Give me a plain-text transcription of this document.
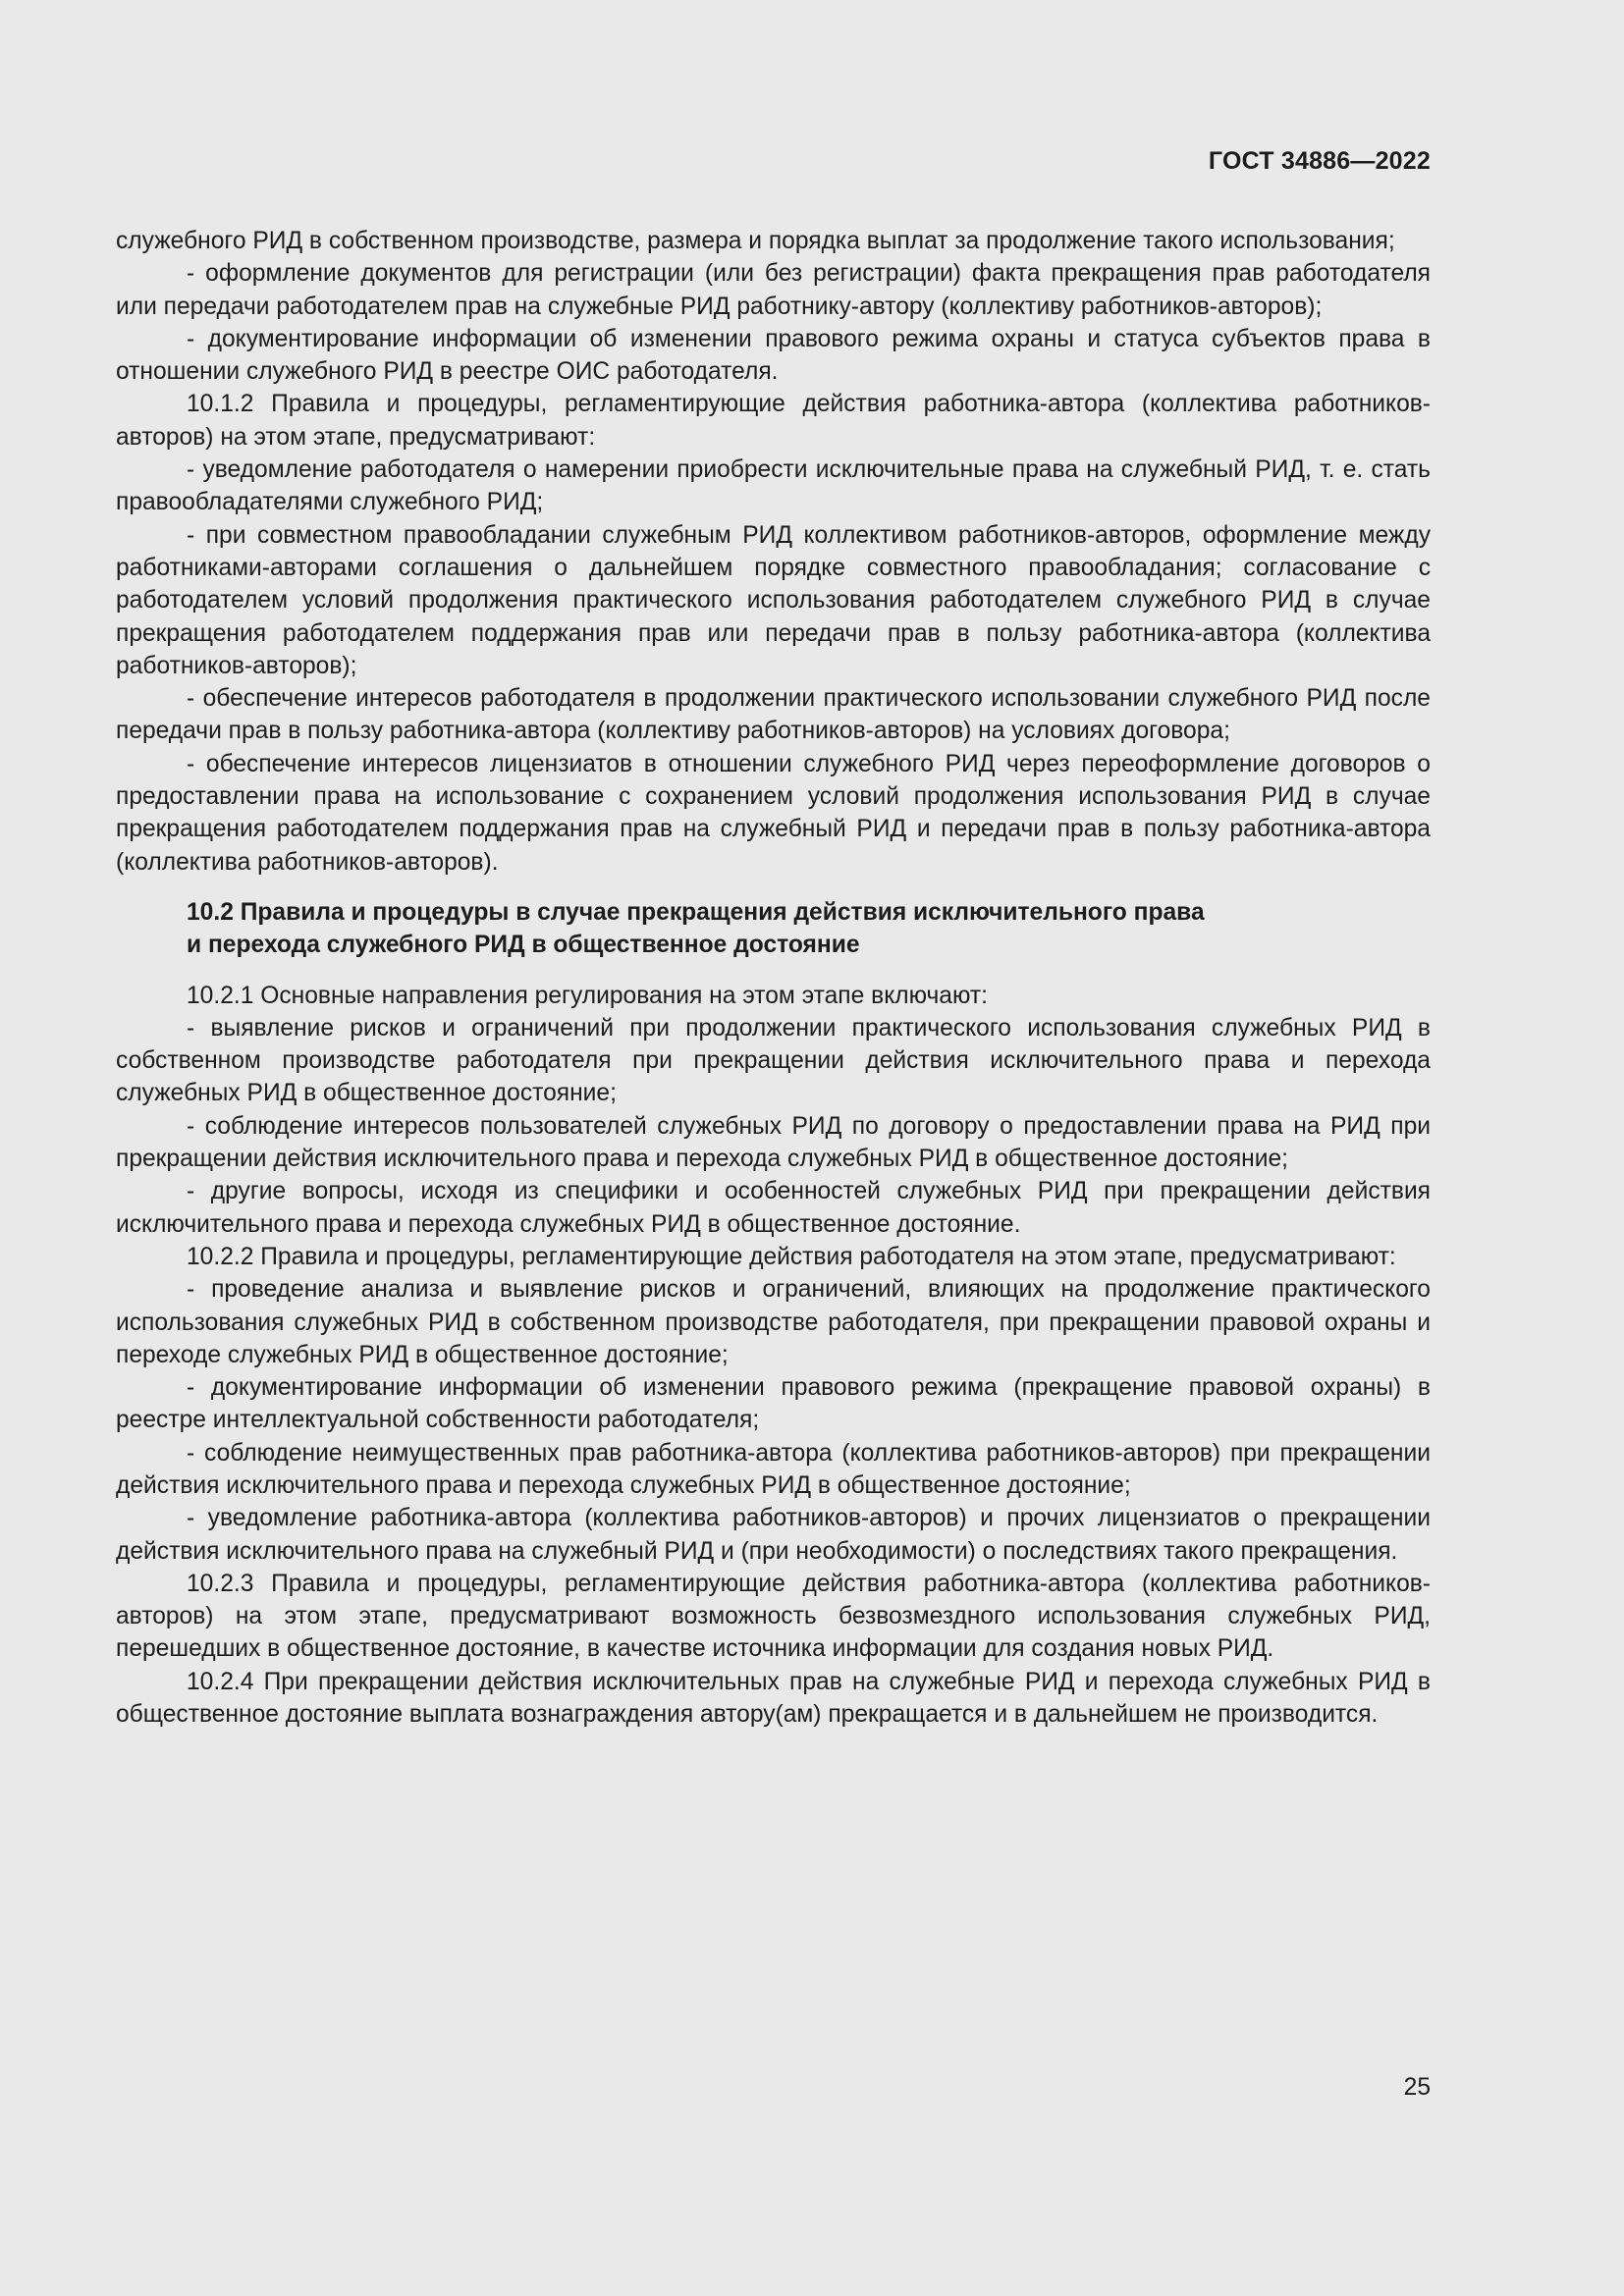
ГОСТ 34886—2022

служебного РИД в собственном производстве, размера и порядка выплат за продолжение такого использования;

- оформление документов для регистрации (или без регистрации) факта прекращения прав работодателя или передачи работодателем прав на служебные РИД работнику-автору (коллективу работников-авторов);

- документирование информации об изменении правового режима охраны и статуса субъектов права в отношении служебного РИД в реестре ОИС работодателя.

10.1.2 Правила и процедуры, регламентирующие действия работника-автора (коллектива работников-авторов) на этом этапе, предусматривают:

- уведомление работодателя о намерении приобрести исключительные права на служебный РИД, т. е. стать правообладателями служебного РИД;

- при совместном правообладании служебным РИД коллективом работников-авторов, оформление между работниками-авторами соглашения о дальнейшем порядке совместного правообладания; согласование с работодателем условий продолжения практического использования работодателем служебного РИД в случае прекращения работодателем поддержания прав или передачи прав в пользу работника-автора (коллектива работников-авторов);

- обеспечение интересов работодателя в продолжении практического использовании служебного РИД после передачи прав в пользу работника-автора (коллективу работников-авторов) на условиях договора;

- обеспечение интересов лицензиатов в отношении служебного РИД через переоформление договоров о предоставлении права на использование с сохранением условий продолжения использования РИД в случае прекращения работодателем поддержания прав на служебный РИД и передачи прав в пользу работника-автора (коллектива работников-авторов).

10.2 Правила и процедуры в случае прекращения действия исключительного права
и перехода служебного РИД в общественное достояние

10.2.1 Основные направления регулирования на этом этапе включают:

- выявление рисков и ограничений при продолжении практического использования служебных РИД в собственном производстве работодателя при прекращении действия исключительного права и перехода служебных РИД в общественное достояние;

- соблюдение интересов пользователей служебных РИД по договору о предоставлении права на РИД при прекращении действия исключительного права и перехода служебных РИД в общественное достояние;

- другие вопросы, исходя из специфики и особенностей служебных РИД при прекращении действия исключительного права и перехода служебных РИД в общественное достояние.

10.2.2 Правила и процедуры, регламентирующие действия работодателя на этом этапе, предусматривают:

- проведение анализа и выявление рисков и ограничений, влияющих на продолжение практического использования служебных РИД в собственном производстве работодателя, при прекращении правовой охраны и переходе служебных РИД в общественное достояние;

- документирование информации об изменении правового режима (прекращение правовой охраны) в реестре интеллектуальной собственности работодателя;

- соблюдение неимущественных прав работника-автора (коллектива работников-авторов) при прекращении действия исключительного права и перехода служебных РИД в общественное достояние;

- уведомление работника-автора (коллектива работников-авторов) и прочих лицензиатов о прекращении действия исключительного права на служебный РИД и (при необходимости) о последствиях такого прекращения.

10.2.3 Правила и процедуры, регламентирующие действия работника-автора (коллектива работников-авторов) на этом этапе, предусматривают возможность безвозмездного использования служебных РИД, перешедших в общественное достояние, в качестве источника информации для создания новых РИД.

10.2.4 При прекращении действия исключительных прав на служебные РИД и перехода служебных РИД в общественное достояние выплата вознаграждения автору(ам) прекращается и в дальнейшем не производится.

25
